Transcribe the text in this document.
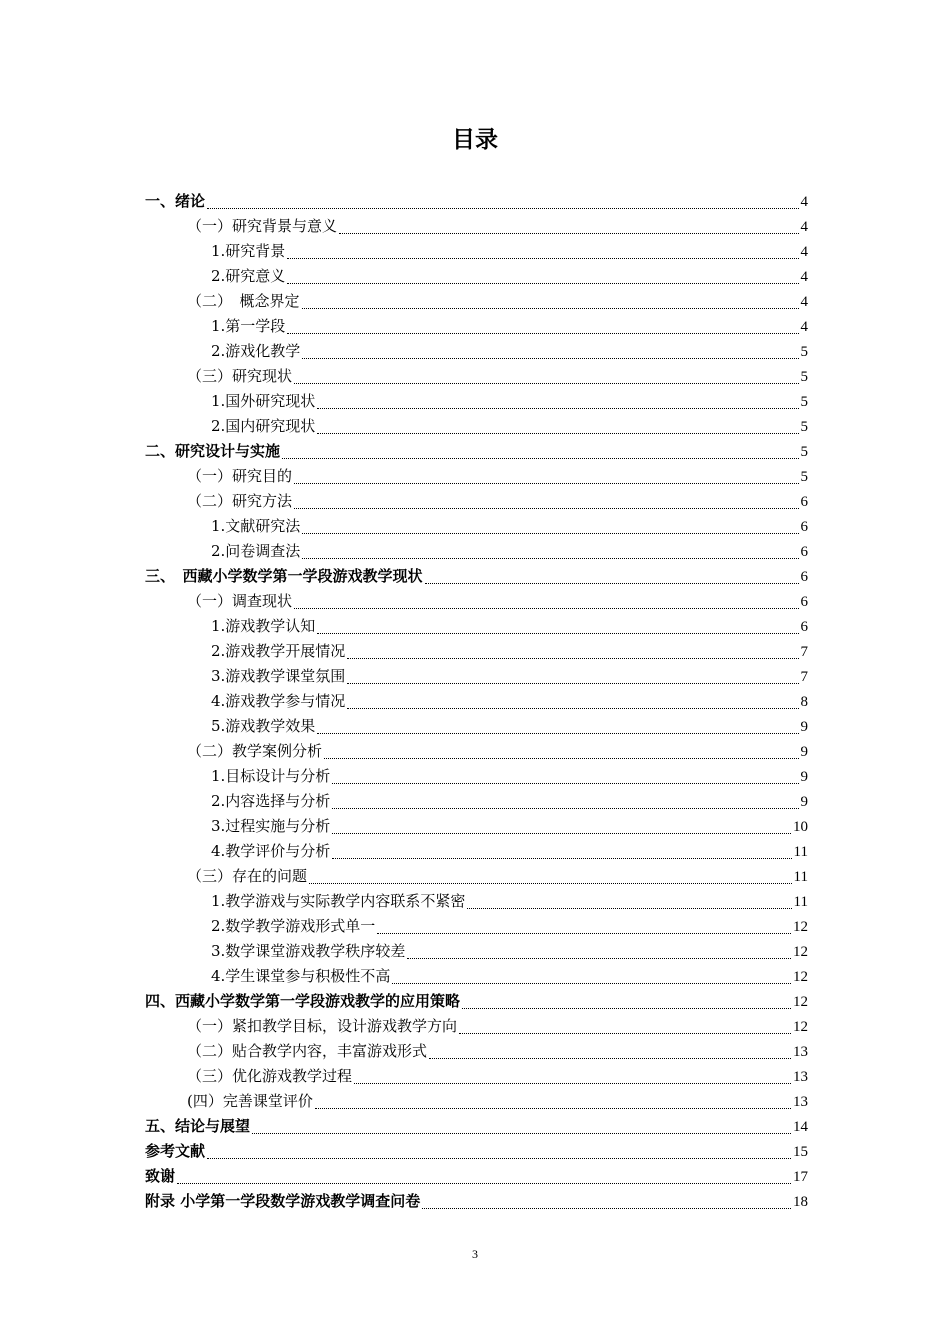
目录
一、绪论	4
（一）研究背景与意义	4
1.研究背景	4
2.研究意义	4
（二）　概念界定	4
1.第一学段	4
2.游戏化教学	5
（三）研究现状	5
1.国外研究现状	5
2.国内研究现状	5
二、研究设计与实施	5
（一）研究目的	5
（二）研究方法	6
1.文献研究法	6
2.问卷调查法	6
三、　西藏小学数学第一学段游戏教学现状	6
（一）调查现状	6
1.游戏教学认知	6
2.游戏教学开展情况	7
3.游戏教学课堂氛围	7
4.游戏教学参与情况	8
5.游戏教学效果	9
（二）教学案例分析	9
1.目标设计与分析	9
2.内容选择与分析	9
3.过程实施与分析	10
4.教学评价与分析	11
（三）存在的问题	11
1.教学游戏与实际教学内容联系不紧密	11
2.数学教学游戏形式单一	12
3.数学课堂游戏教学秩序较差	12
4.学生课堂参与积极性不高	12
四、西藏小学数学第一学段游戏教学的应用策略	12
（一）紧扣教学目标，设计游戏教学方向	12
（二）贴合教学内容，丰富游戏形式	13
（三）优化游戏教学过程	13
(四）完善课堂评价	13
五、结论与展望	14
参考文献	15
致谢	17
附录 小学第一学段数学游戏教学调查问卷	18
3
